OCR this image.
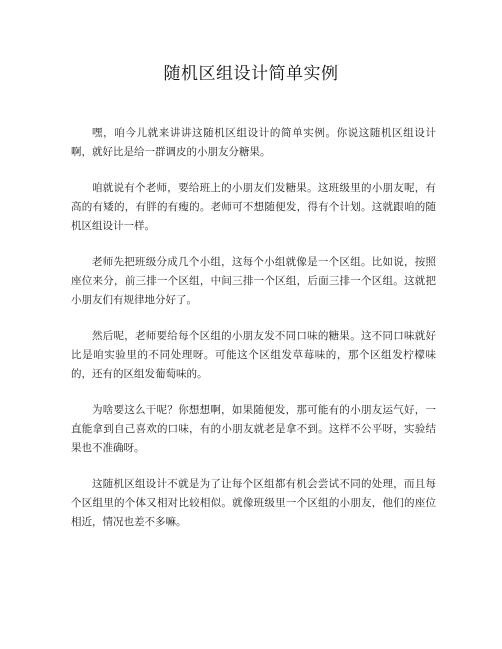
随机区组设计简单实例

嘿，咱今儿就来讲讲这随机区组设计的简单实例。你说这随机区组设计啊，就好比是给一群调皮的小朋友分糖果。

咱就说有个老师，要给班上的小朋友们发糖果。这班级里的小朋友呢，有高的有矮的，有胖的有瘦的。老师可不想随便发，得有个计划。这就跟咱的随机区组设计一样。

老师先把班级分成几个小组，这每个小组就像是一个区组。比如说，按照座位来分，前三排一个区组，中间三排一个区组，后面三排一个区组。这就把小朋友们有规律地分好了。

然后呢，老师要给每个区组的小朋友发不同口味的糖果。这不同口味就好比是咱实验里的不同处理呀。可能这个区组发草莓味的，那个区组发柠檬味的，还有的区组发葡萄味的。

为啥要这么干呢？你想想啊，如果随便发，那可能有的小朋友运气好，一直能拿到自己喜欢的口味，有的小朋友就老是拿不到。这样不公平呀，实验结果也不准确呀。

这随机区组设计不就是为了让每个区组都有机会尝试不同的处理，而且每个区组里的个体又相对比较相似。就像班级里一个区组的小朋友，他们的座位相近，情况也差不多嘛。
